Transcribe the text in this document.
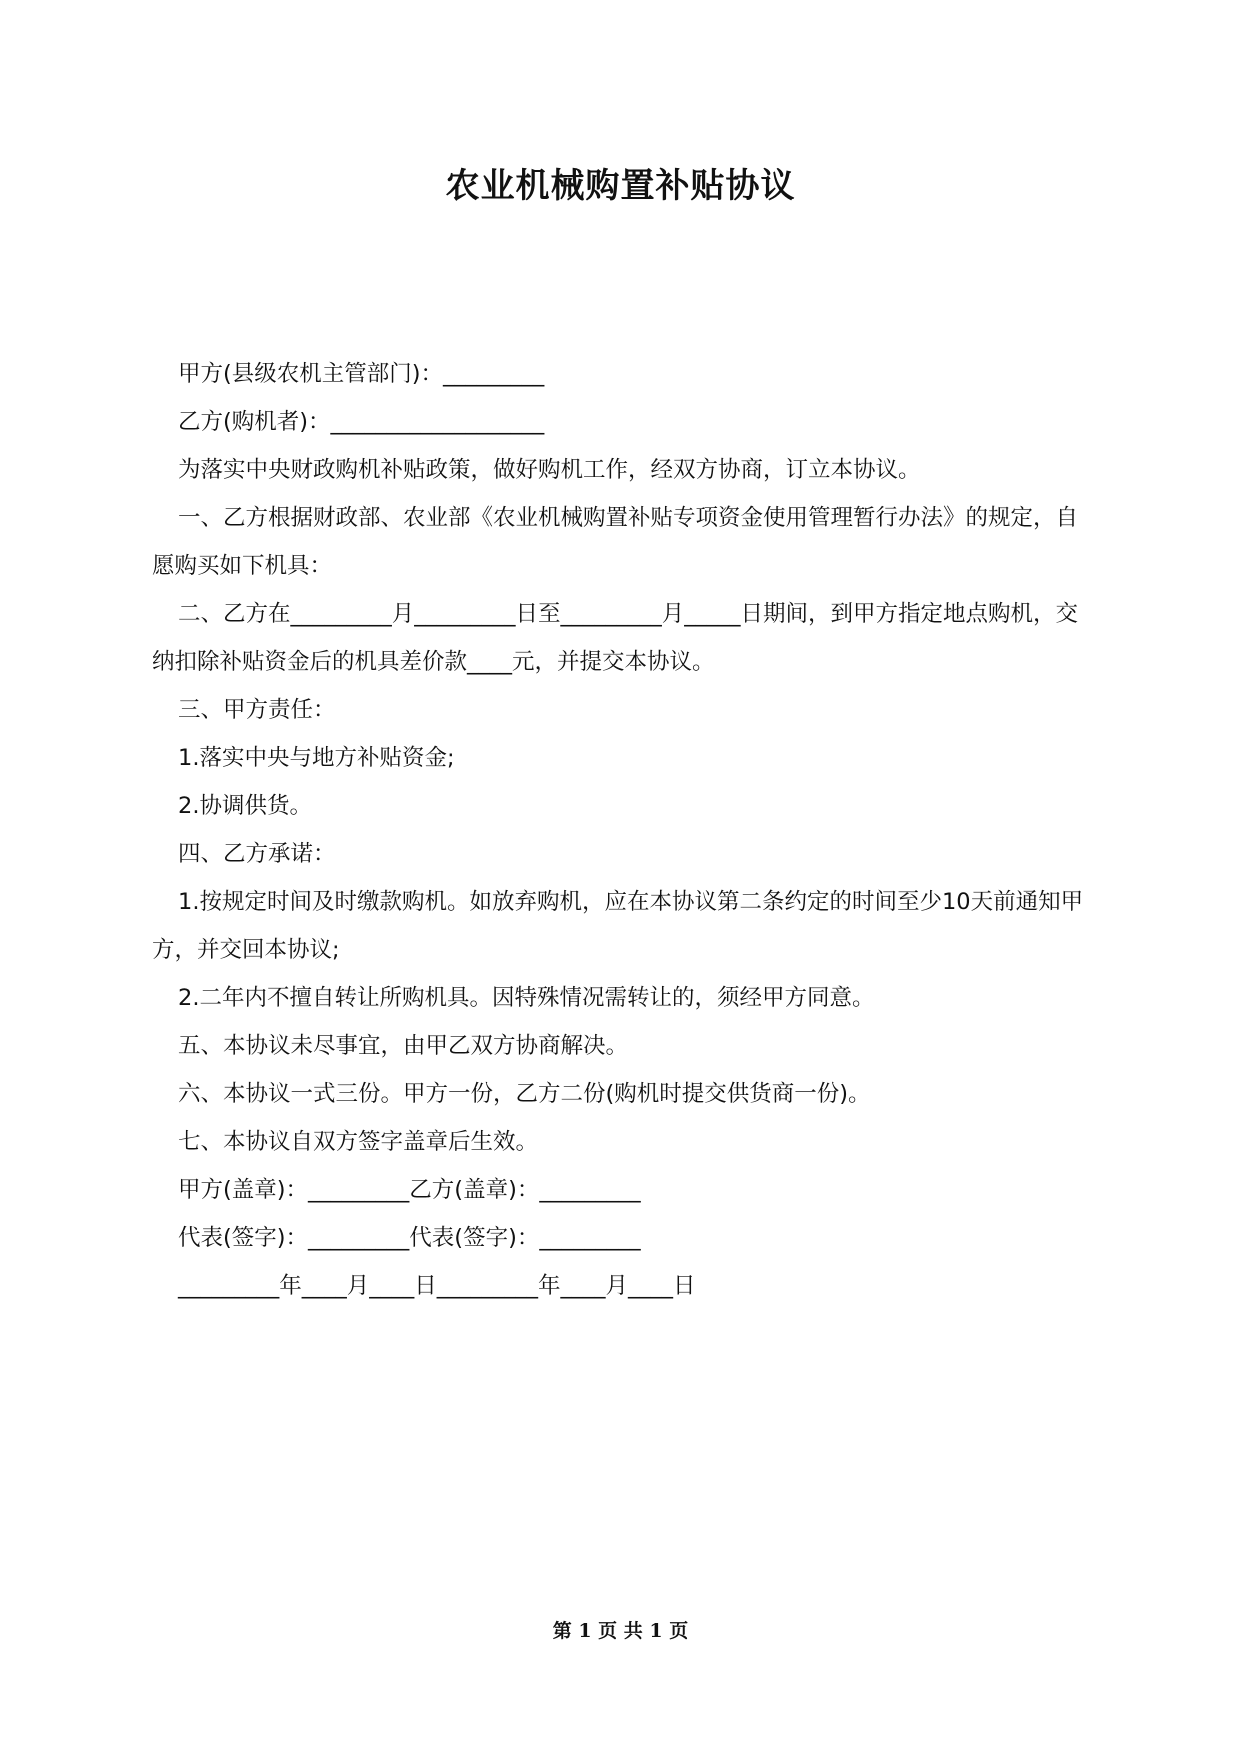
农业机械购置补贴协议

甲方(县级农机主管部门)：_________

乙方(购机者)：___________________

为落实中央财政购机补贴政策，做好购机工作，经双方协商，订立本协议。

一、乙方根据财政部、农业部《农业机械购置补贴专项资金使用管理暂行办法》的规定，自愿购买如下机具：

二、乙方在_________月_________日至_________月_____日期间，到甲方指定地点购机，交纳扣除补贴资金后的机具差价款____元，并提交本协议。

三、甲方责任：

1.落实中央与地方补贴资金;

2.协调供货。

四、乙方承诺：

1.按规定时间及时缴款购机。如放弃购机，应在本协议第二条约定的时间至少10天前通知甲方，并交回本协议;

2.二年内不擅自转让所购机具。因特殊情况需转让的，须经甲方同意。

五、本协议未尽事宜，由甲乙双方协商解决。

六、本协议一式三份。甲方一份，乙方二份(购机时提交供货商一份)。

七、本协议自双方签字盖章后生效。

甲方(盖章)：_________乙方(盖章)：_________

代表(签字)：_________代表(签字)：_________

_________年____月____日_________年____月____日

第 1 页 共 1 页
